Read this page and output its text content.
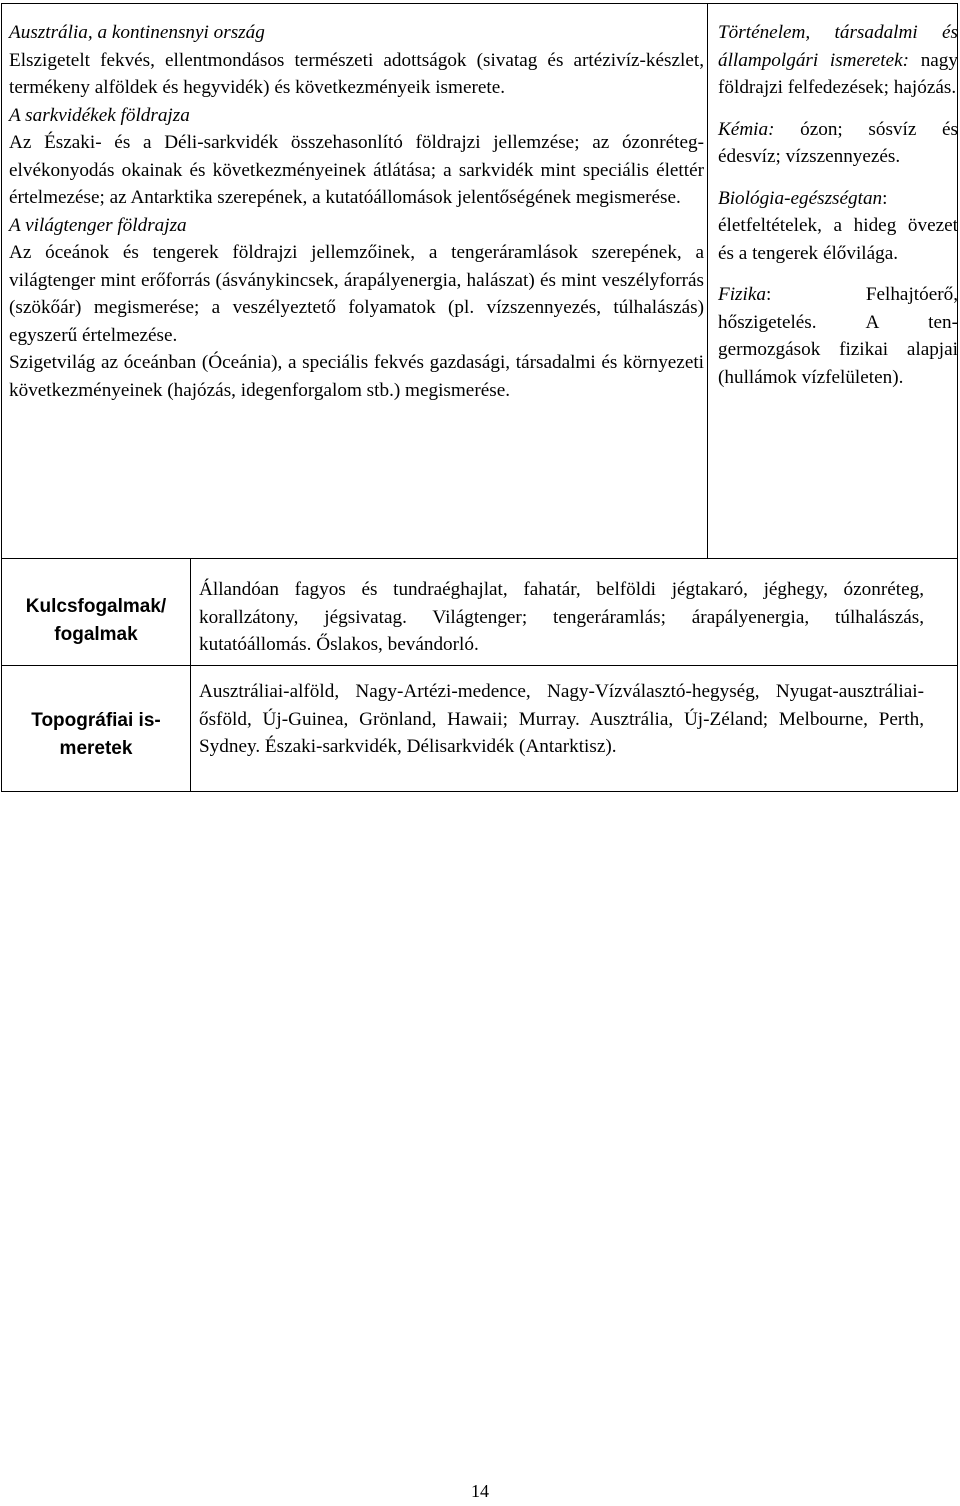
Ausztrália, a kontinensnyi ország

Elszigetelt fekvés, ellentmondásos természeti adottságok (sivatag és artézivíz-készlet, termékeny alföldek és hegyvidék) és következményeik ismerete.

A sarkvidékek földrajza

Az Északi- és a Déli-sarkvidék összehasonlító földrajzi jellemzése; az ózonréteg-elvékonyodás okainak és következményeinek átlátása; a sarkvidék mint speciális élettér értelmezése; az Antarktika szerepének, a kutatóállomások jelentőségének megismerése.

A világtenger földrajza

Az óceánok és tengerek földrajzi jellemzőinek, a tengeráramlások szerepének, a világtenger mint erőforrás (ásványkincsek, árapályenergia, halászat) és mint veszélyforrás (szökőár) megismerése; a veszélyeztető folyamatok (pl. vízszennyezés, túlhalászás) egyszerű értelmezése.

Szigetvilág az óceánban (Óceánia), a speciális fekvés gazdasági, társadalmi és környezeti következményeinek (hajózás, idegenforgalom stb.) megismerése.

Történelem, társadalmi és állampolgári ismeretek: nagy földrajzi felfedezések; hajózás.

Kémia: ózon; sósvíz és édesvíz; vízszennyezés.

Biológia-egészségtan: életfeltételek, a hideg övezet és a tengerek élővilága.

Fizika: Felhajtóerő, hőszigetelés. A tengermozgások fizikai alapjai (hullámok vízfelületen).

Kulcsfogalmak/ fogalmak

Állandóan fagyos és tundraéghajlat, fahatár, belföldi jégtakaró, jéghegy, ózonréteg, korallzátony, jégsivatag. Világtenger; tengeráramlás; árapályenergia, túlhalászás, kutatóállomás. Őslakos, bevándorló.

Topográfiai ismeretek

Ausztráliai-alföld, Nagy-Artézi-medence, Nagy-Vízválasztó-hegység, Nyugat-ausztráliai-ősföld, Új-Guinea, Grönland, Hawaii; Murray. Ausztrália, Új-Zéland; Melbourne, Perth, Sydney. Északi-sarkvidék, Délisarkvidék (Antarktisz).

14
